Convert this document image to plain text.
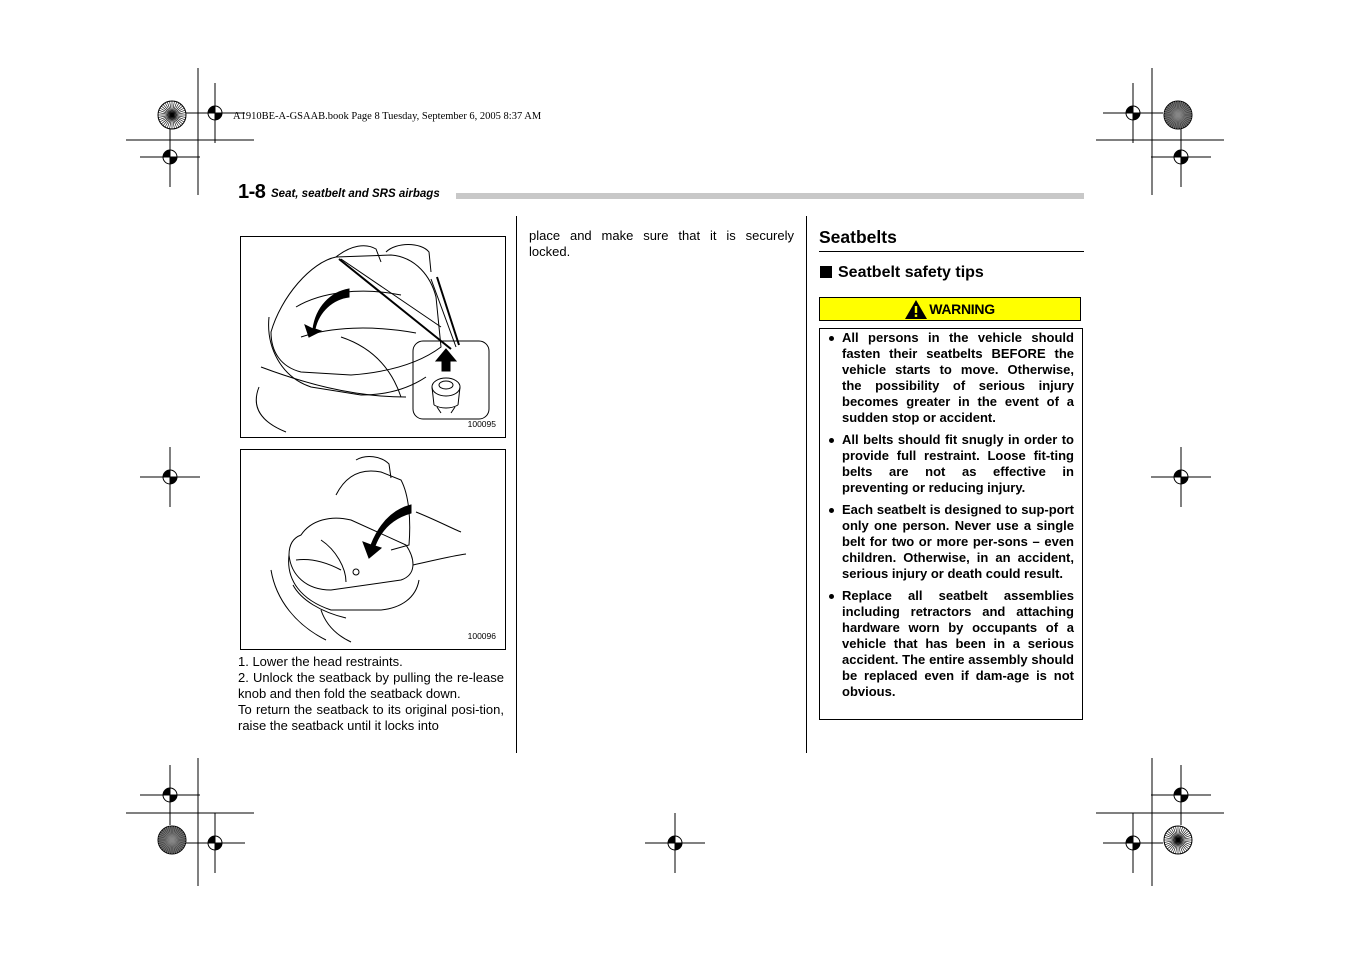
A1910BE-A-GSAAB.book Page 8 Tuesday, September 6, 2005 8:37 AM
1-8 Seat, seatbelt and SRS airbags
100095
100096

1. Lower the head restraints.

2. Unlock the seatback by pulling the re-lease knob and then fold the seatback down.

To return the seatback to its original posi-tion, raise the seatback until it locks into

place and make sure that it is securely locked.

Seatbelts
Seatbelt safety tips
WARNING
All persons in the vehicle should fasten their seatbelts BEFORE the vehicle starts to move. Otherwise, the possibility of serious injury becomes greater in the event of a sudden stop or accident.
All belts should fit snugly in order to provide full restraint. Loose fit-ting belts are not as effective in preventing or reducing injury.
Each seatbelt is designed to sup-port only one person. Never use a single belt for two or more per-sons – even children. Otherwise, in an accident, serious injury or death could result.
Replace all seatbelt assemblies including retractors and attaching hardware worn by occupants of a vehicle that has been in a serious accident. The entire assembly should be replaced even if dam-age is not obvious.
